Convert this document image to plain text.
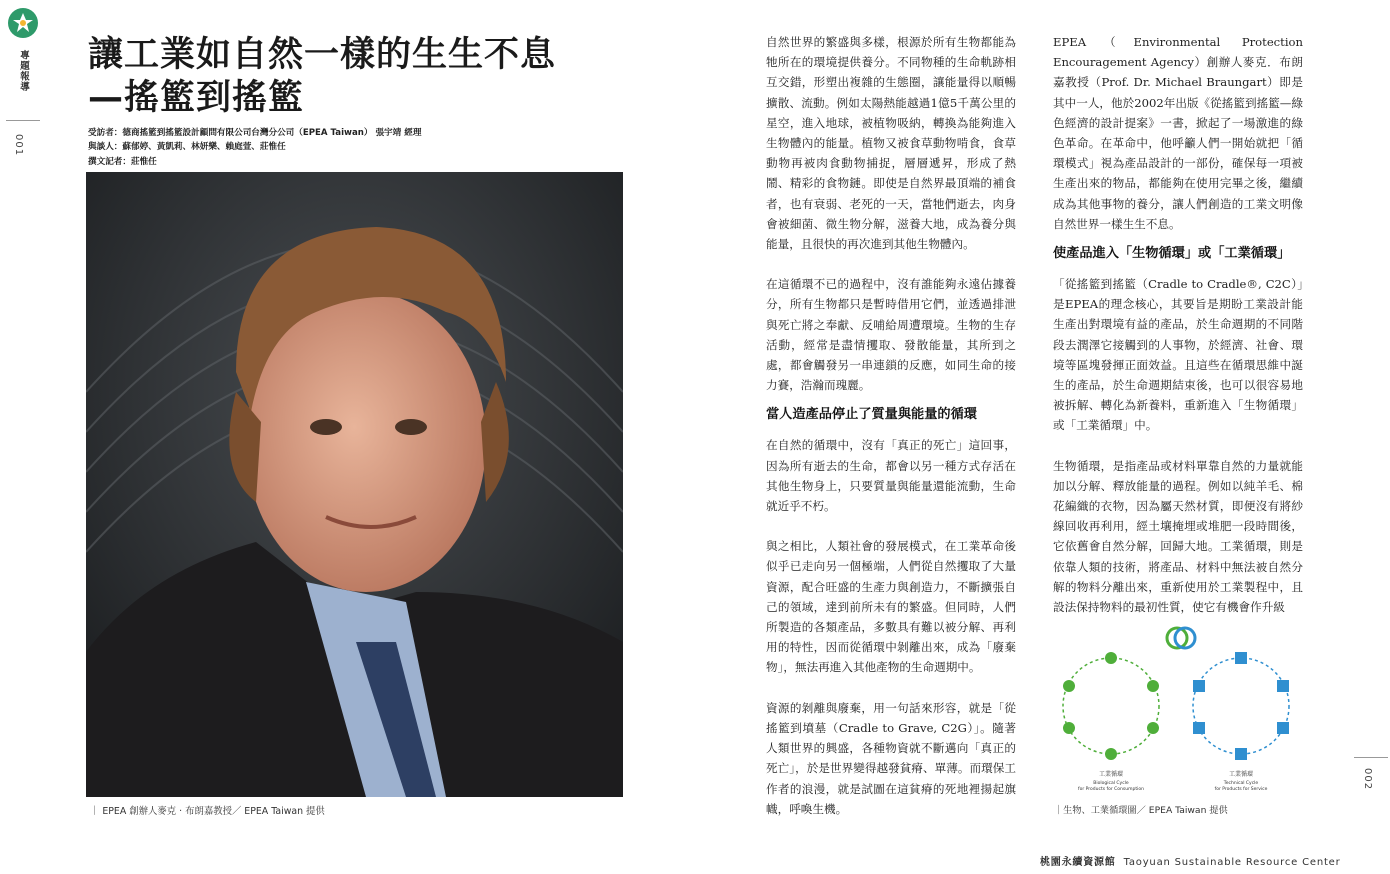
專題報導
001
002
讓工業如自然一樣的生生不息
—搖籃到搖籃
受訪者：德商搖籃到搖籃設計顧問有限公司台灣分公司（EPEA Taiwan） 張宇靖 經理
與談人：蘇郁婷、黃凱莉、林妍樂、賴庭萱、莊惟任
撰文記者：莊惟任
｜ EPEA 創辦人麥克 · 布朗嘉教授／ EPEA Taiwan 提供

自然世界的繁盛與多樣，根源於所有生物都能為牠所在的環境提供養分。不同物種的生命軌跡相互交錯，形塑出複雜的生態圈，讓能量得以順暢擴散、流動。例如太陽熱能越過1億5千萬公里的星空，進入地球，被植物吸納，轉換為能夠進入生物體內的能量。植物又被食草動物啃食，食草動物再被肉食動物捕捉，層層遞昇，形成了熱鬧、精彩的食物鏈。即使是自然界最頂端的補食者，也有衰弱、老死的一天，當牠們逝去，肉身會被細菌、微生物分解，滋養大地，成為養分與能量，且很快的再次進到其他生物體內。

在這循環不已的過程中，沒有誰能夠永遠佔據養分，所有生物都只是暫時借用它們，並透過排泄與死亡將之奉獻、反哺給周遭環境。生物的生存活動，經常是盡情攫取、發散能量，其所到之處，都會觸發另一串連鎖的反應，如同生命的接力賽，浩瀚而瑰麗。

當人造產品停止了質量與能量的循環

在自然的循環中，沒有「真正的死亡」這回事，因為所有逝去的生命，都會以另一種方式存活在其他生物身上，只要質量與能量還能流動，生命就近乎不朽。

與之相比，人類社會的發展模式，在工業革命後似乎已走向另一個極端，人們從自然攫取了大量資源，配合旺盛的生產力與創造力，不斷擴張自己的領域，達到前所未有的繁盛。但同時，人們所製造的各類產品，多數具有難以被分解、再利用的特性，因而從循環中剝離出來，成為「廢棄物」，無法再進入其他產物的生命週期中。

資源的剝離與廢棄，用一句話來形容，就是「從搖籃到墳墓（Cradle to Grave, C2G）」。隨著人類世界的興盛，各種物資就不斷邁向「真正的死亡」，於是世界變得越發貧瘠、單薄。而環保工作者的浪漫，就是試圖在這貧瘠的死地裡揚起旗幟，呼喚生機。

EPEA（Environmental Protection Encouragement Agency）創辦人麥克．布朗嘉教授（Prof. Dr. Michael Braungart）即是其中一人，他於2002年出版《從搖籃到搖籃—綠色經濟的設計提案》一書，掀起了一場激進的綠色革命。在革命中，他呼籲人們一開始就把「循環模式」視為產品設計的一部份，確保每一項被生產出來的物品，都能夠在使用完畢之後，繼續成為其他事物的養分，讓人們創造的工業文明像自然世界一樣生生不息。

使產品進入「生物循環」或「工業循環」

「從搖籃到搖籃（Cradle to Cradle®, C2C）」是EPEA的理念核心，其要旨是期盼工業設計能生產出對環境有益的產品，於生命週期的不同階段去潤澤它接觸到的人事物，於經濟、社會、環境等區塊發揮正面效益。且這些在循環思維中誕生的產品，於生命週期結束後，也可以很容易地被拆解、轉化為新養料，重新進入「生物循環」或「工業循環」中。

生物循環，是指產品或材料單靠自然的力量就能加以分解、釋放能量的過程。例如以純羊毛、棉花編織的衣物，因為屬天然材質，即便沒有將紗線回收再利用，經土壤掩埋或堆肥一段時間後，它依舊會自然分解，回歸大地。工業循環，則是依靠人類的技術，將產品、材料中無法被自然分解的物料分離出來，重新使用於工業製程中，且設法保持物料的最初性質，使它有機會作升級

工業循環
Biological Cycle
for Products for Consumption
工業循環
Technical Cycle
for Products for Service
｜生物、工業循環圖／ EPEA Taiwan 提供
桃園永續資源館 Taoyuan Sustainable Resource Center
